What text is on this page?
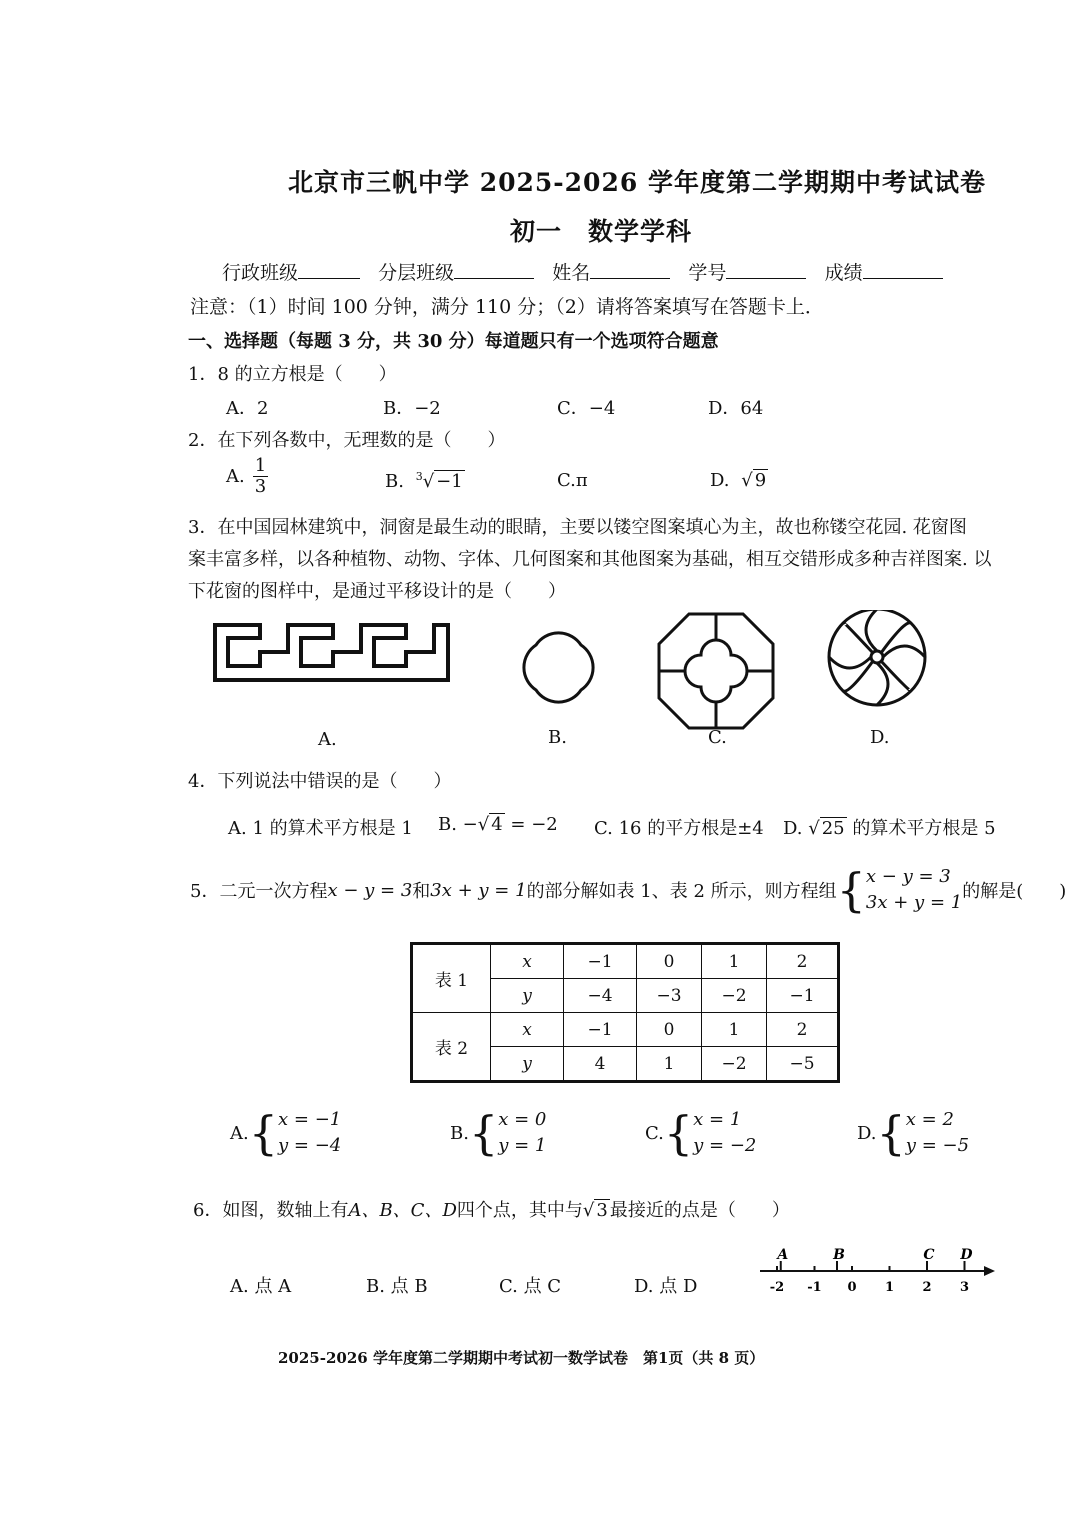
北京市三帆中学 2025-2026 学年度第二学期期中考试试卷
初一　数学学科
行政班级	分层班级	姓名	学号	成绩
注意：（1）时间 100 分钟，满分 110 分；（2）请将答案填写在答题卡上．
一、选择题（每题 3 分，共 30 分）每道题只有一个选项符合题意
1．8 的立方根是（　　）
A．2	B．−2	C．−4	D．64
2．在下列各数中，无理数的是（　　）
A. $\frac{1}{3}$	B. $^3$√ −1	C.π	D. √ 9
3．在中国园林建筑中，洞窗是最生动的眼睛，主要以镂空图案填心为主，故也称镂空花园. 花窗图
案丰富多样，以各种植物、动物、字体、几何图案和其他图案为基础，相互交错形成多种吉祥图案. 以
下花窗的图样中，是通过平移设计的是（　　）
A.	B.	C.	D.
4．下列说法中错误的是（　　）
A. 1 的算术平方根是 1 B. −√ 4 = −2 C. 16 的平方根是±4 D. √ 25 的算术平方根是 5
5．二元一次方程 x − y = 3 和 3x + y = 1 的部分解如表 1、表 2 所示，则方程组 { x − y = 3
3x + y = 1
的解是(　　)
表 1	x	−1	0	1	2
	y	−4	−3	−2	−1
表 2	x	−1	0	1	2
	y	4	1	−2	−5
A. { x = −1
y = −4
B. { x = 0
y = 1
C. { x = 1
y = −2
D. { x = 2
y = −5
6．如图，数轴上有A、B、C、D四个点，其中与√ 3 最接近的点是（　　）
A. 点 A	B. 点 B	C. 点 C	D. 点 D	-2 -1 0 1 2 3
A	B	C D
2025-2026 学年度第二学期期中考试初一数学试卷　第1页（共 8 页）
